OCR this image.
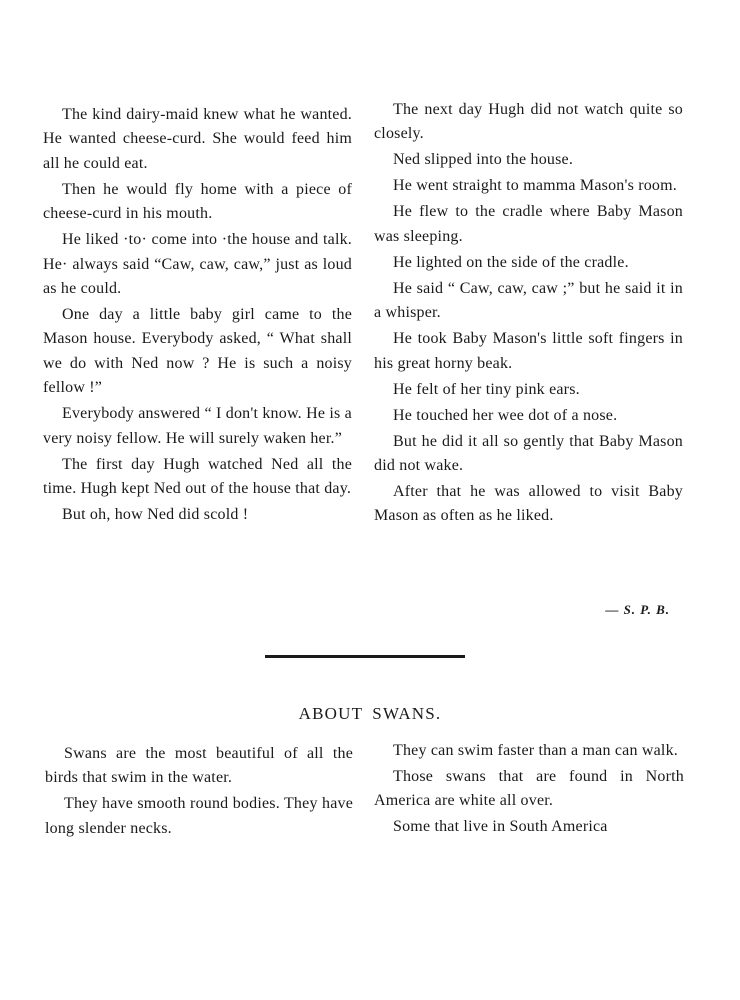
The kind dairy-maid knew what he wanted. He wanted cheese-curd. She would feed him all he could eat.

Then he would fly home with a piece of cheese-curd in his mouth.

He liked ·to· come into ·the house and talk. He· always said “Caw, caw, caw,” just as loud as he could.

One day a little baby girl came to the Mason house. Everybody asked, “ What shall we do with Ned now ? He is such a noisy fellow !”

Everybody answered “ I don't know. He is a very noisy fellow. He will surely waken her.”

The first day Hugh watched Ned all the time. Hugh kept Ned out of the house that day.

But oh, how Ned did scold !

The next day Hugh did not watch quite so closely.

Ned slipped into the house.

He went straight to mamma Mason's room.

He flew to the cradle where Baby Mason was sleeping.

He lighted on the side of the cradle.

He said “ Caw, caw, caw ;” but he said it in a whisper.

He took Baby Mason's little soft fingers in his great horny beak.

He felt of her tiny pink ears.

He touched her wee dot of a nose.

But he did it all so gently that Baby Mason did not wake.

After that he was allowed to visit Baby Mason as often as he liked.

— S. P. B.
ABOUT SWANS.

Swans are the most beautiful of all the birds that swim in the water.

They have smooth round bodies. They have long slender necks.

They can swim faster than a man can walk.

Those swans that are found in North America are white all over.

Some that live in South America
